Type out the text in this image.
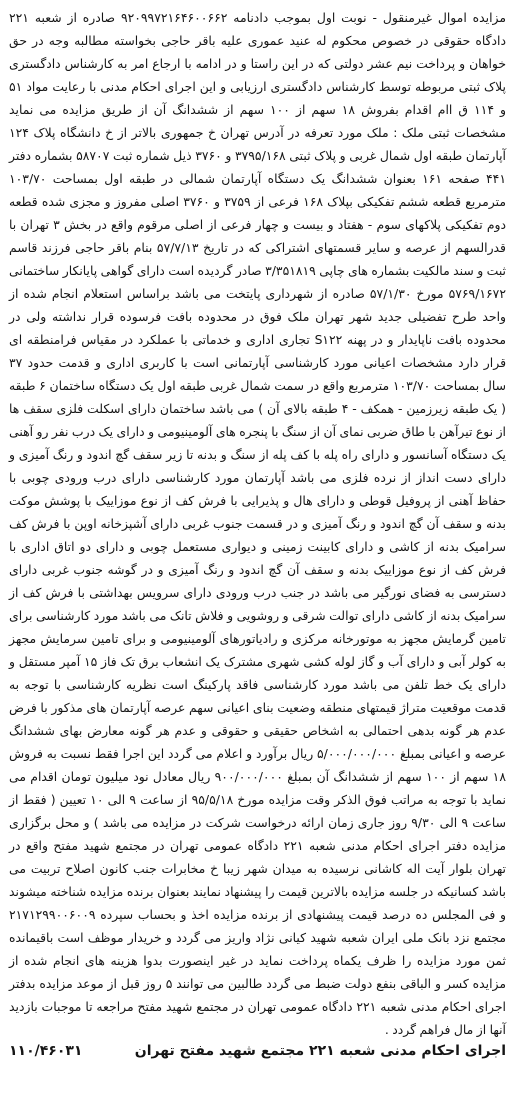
مزایده اموال غیرمنقول - نوبت اول بموجب دادنامه ۹۲۰۹۹۷۲۱۶۴۶۰۰۶۶۲ صادره از شعبه ۲۲۱ دادگاه حقوقی در خصوص محکوم له عنید عموری علیه باقر حاجی بخواسته مطالبه وجه در حق خواهان و پرداخت نیم عشر دولتی که در این راستا و در ادامه با ارجاع امر به کارشناس دادگستری پلاک ثبتی مربوطه توسط کارشناس دادگستری ارزیابی و این اجرای احکام مدنی با رعایت مواد ۵۱ و ۱۱۴ ق اام اقدام بفروش ۱۸ سهم از ۱۰۰ سهم از ششدانگ آن از طریق مزایده می نماید مشخصات ثبتی ملک : ملک مورد تعرفه در آدرس تهران خ جمهوری بالاتر از خ دانشگاه پلاک ۱۲۴ آپارتمان طبقه اول شمال غربی و پلاک ثبتی ۳۷۹۵/۱۶۸ و ۳۷۶۰ ذیل شماره ثبت ۵۸۷۰۷ بشماره دفتر ۴۴۱ صفحه ۱۶۱ بعنوان ششدانگ یک دستگاه آپارتمان شمالی در طبقه اول بمساحت ۱۰۳/۷۰ مترمربع قطعه ششم تفکیکی بپلاک ۱۶۸ فرعی از ۳۷۵۹ و ۳۷۶۰ اصلی مفروز و مجزی شده قطعه دوم تفکیکی پلاکهای سوم - هفتاد و بیست و چهار فرعی از اصلی مرقوم واقع در بخش ۳ تهران با قدرالسهم از عرصه و سایر قسمتهای اشتراکی که در تاریخ ۵۷/۷/۱۳ بنام باقر حاجی فرزند قاسم ثبت و سند مالکیت بشماره های چاپی ۳/۳۵۱۸۱۹ صادر گردیده است دارای گواهی پایانکار ساختمانی ۵۷۶۹/۱۶۷۲ مورخ ۵۷/۱/۳۰ صادره از شهرداری پایتخت می باشد براساس استعلام انجام شده از واحد طرح تفضیلی جدید شهر تهران ملک فوق در محدوده بافت فرسوده قرار نداشته ولی در محدوده بافت ناپایدار و در پهنه S۱۲۲ تجاری اداری و خدماتی با عملکرد در مقیاس فرامنطقه ای قرار دارد مشخصات اعیانی مورد کارشناسی آپارتمانی است با کاربری اداری و قدمت حدود ۳۷ سال بمساحت ۱۰۳/۷۰ مترمربع واقع در سمت شمال غربی طبقه اول یک دستگاه ساختمان ۶ طبقه ( یک طبقه زیرزمین - همکف - ۴ طبقه بالای آن ) می باشد ساختمان دارای اسکلت فلزی سقف ها از نوع تیرآهن با طاق ضربی نمای آن از سنگ با پنجره های آلومینیومی و دارای یک درب نفر رو آهنی یک دستگاه آسانسور و دارای راه پله با کف پله از سنگ و بدنه تا زیر سقف گچ اندود و رنگ آمیزی و دارای دست انداز از نرده فلزی می باشد آپارتمان مورد کارشناسی دارای درب ورودی چوبی با حفاظ آهنی از پروفیل قوطی و دارای هال و پذیرایی با فرش کف از نوع موزاییک با پوشش موکت بدنه و سقف آن گچ اندود و رنگ آمیزی و در قسمت جنوب غربی دارای آشپزخانه اوپن با فرش کف سرامیک بدنه از کاشی و دارای کابینت زمینی و دیواری مستعمل چوبی و دارای دو اتاق اداری با فرش کف از نوع موزاییک بدنه و سقف آن گچ اندود و رنگ آمیزی و در گوشه جنوب غربی دارای دسترسی به فضای نورگیر می باشد در جنب درب ورودی دارای سرویس بهداشتی با فرش کف از سرامیک بدنه از کاشی دارای توالت شرقی و روشویی و فلاش تانک می باشد مورد کارشناسی برای تامین گرمایش مجهز به موتورخانه مرکزی و رادیاتورهای آلومینیومی و برای تامین سرمایش مجهز به کولر آبی و دارای آب و گاز لوله کشی شهری مشترک یک انشعاب برق تک فاز ۱۵ آمپر مستقل و دارای یک خط تلفن می باشد مورد کارشناسی فاقد پارکینگ است نظریه کارشناسی با توجه به قدمت موقعیت متراژ قیمتهای منطقه وضعیت بنای اعیانی سهم عرصه آپارتمان های مذکور با فرض عدم هر گونه بدهی احتمالی به اشخاص حقیقی و حقوقی و عدم هر گونه معارض بهای ششدانگ عرصه و اعیانی بمبلغ ۵/۰۰۰/۰۰۰/۰۰۰ ریال برآورد و اعلام می گردد این اجرا فقط نسبت به فروش ۱۸ سهم از ۱۰۰ سهم از ششدانگ آن بمبلغ ۹۰۰/۰۰۰/۰۰۰ ریال معادل نود میلیون تومان اقدام می نماید با توجه به مراتب فوق الذکر وقت مزایده مورخ ۹۵/۵/۱۸ از ساعت ۹ الی ۱۰ تعیین ( فقط از ساعت ۹ الی ۹/۳۰ روز جاری زمان ارائه درخواست شرکت در مزایده می باشد ) و محل برگزاری مزایده دفتر اجرای احکام مدنی شعبه ۲۲۱ دادگاه عمومی تهران در مجتمع شهید مفتح واقع در تهران بلوار آیت اله کاشانی نرسیده به میدان شهر زیبا خ مخابرات جنب کانون اصلاح تربیت می باشد کسانیکه در جلسه مزایده بالاترین قیمت را پیشنهاد نمایند بعنوان برنده مزایده شناخته میشوند و فی المجلس ده درصد قیمت پیشنهادی از برنده مزایده اخذ و بحساب سپرده ۲۱۷۱۲۹۹۰۰۶۰۰۹ مجتمع نزد بانک ملی ایران شعبه شهید کیانی نژاد واریز می گردد و خریدار موظف است باقیمانده ثمن مورد مزایده را ظرف یکماه پرداخت نماید در غیر اینصورت بدوا هزینه های انجام شده از مزایده کسر و الباقی بنفع دولت ضبط می گردد طالبین می توانند ۵ روز قبل از موعد مزایده بدفتر اجرای احکام مدنی شعبه ۲۲۱ دادگاه عمومی تهران در مجتمع شهید مفتح مراجعه تا موجبات بازدید آنها از مال فراهم گردد .

اجرای احکام مدنی شعبه ۲۲۱ مجتمع شهید مفتح تهران
۱۱۰/۴۶۰۳۱
